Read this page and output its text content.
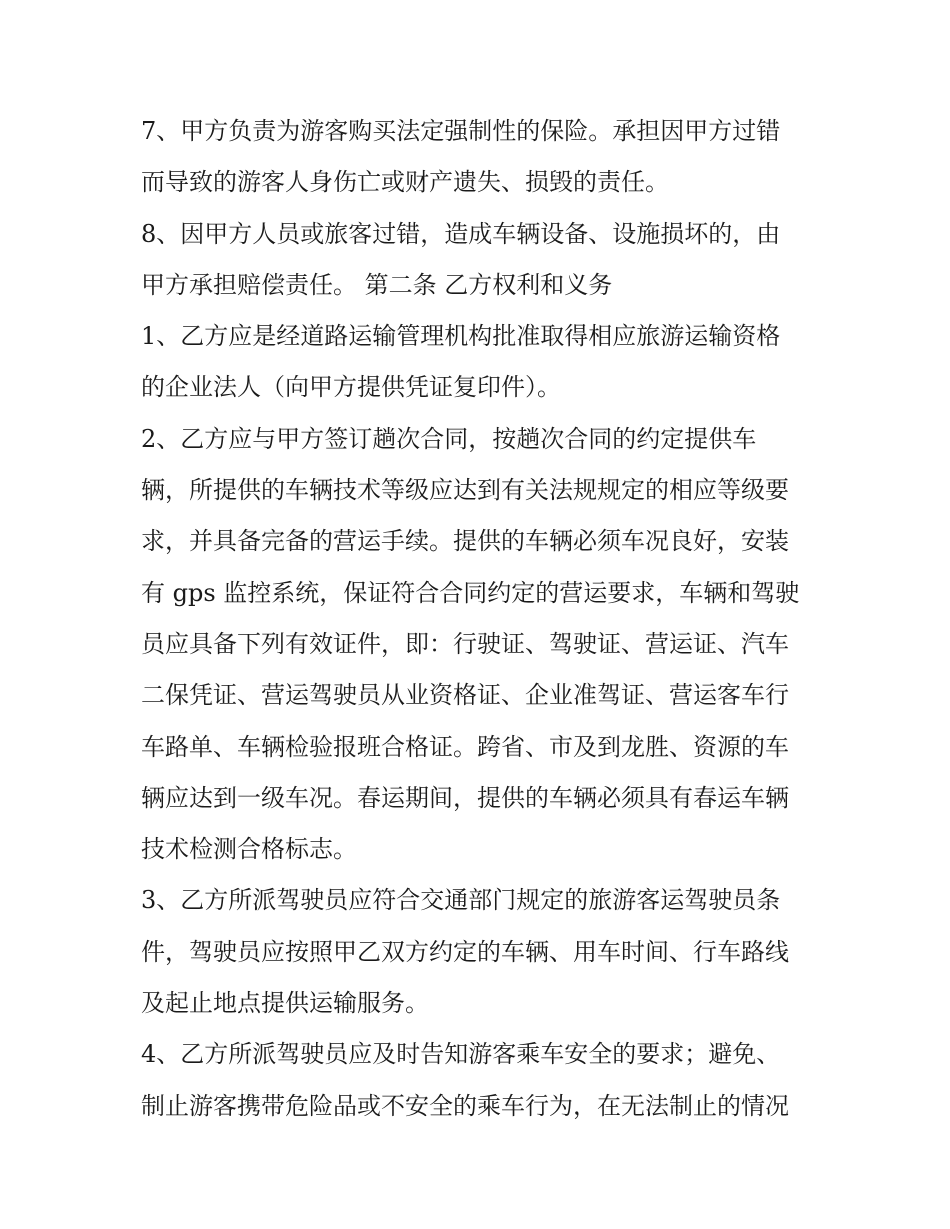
7、甲方负责为游客购买法定强制性的保险。承担因甲方过错
而导致的游客人身伤亡或财产遗失、损毁的责任。
8、因甲方人员或旅客过错，造成车辆设备、设施损坏的，由
甲方承担赔偿责任。 第二条 乙方权利和义务
1、乙方应是经道路运输管理机构批准取得相应旅游运输资格
的企业法人（向甲方提供凭证复印件）。
2、乙方应与甲方签订趟次合同，按趟次合同的约定提供车
辆，所提供的车辆技术等级应达到有关法规规定的相应等级要
求，并具备完备的营运手续。提供的车辆必须车况良好，安装
有 gps 监控系统，保证符合合同约定的营运要求，车辆和驾驶
员应具备下列有效证件，即：行驶证、驾驶证、营运证、汽车
二保凭证、营运驾驶员从业资格证、企业准驾证、营运客车行
车路单、车辆检验报班合格证。跨省、市及到龙胜、资源的车
辆应达到一级车况。春运期间，提供的车辆必须具有春运车辆
技术检测合格标志。
3、乙方所派驾驶员应符合交通部门规定的旅游客运驾驶员条
件，驾驶员应按照甲乙双方约定的车辆、用车时间、行车路线
及起止地点提供运输服务。
4、乙方所派驾驶员应及时告知游客乘车安全的要求；避免、
制止游客携带危险品或不安全的乘车行为，在无法制止的情况
